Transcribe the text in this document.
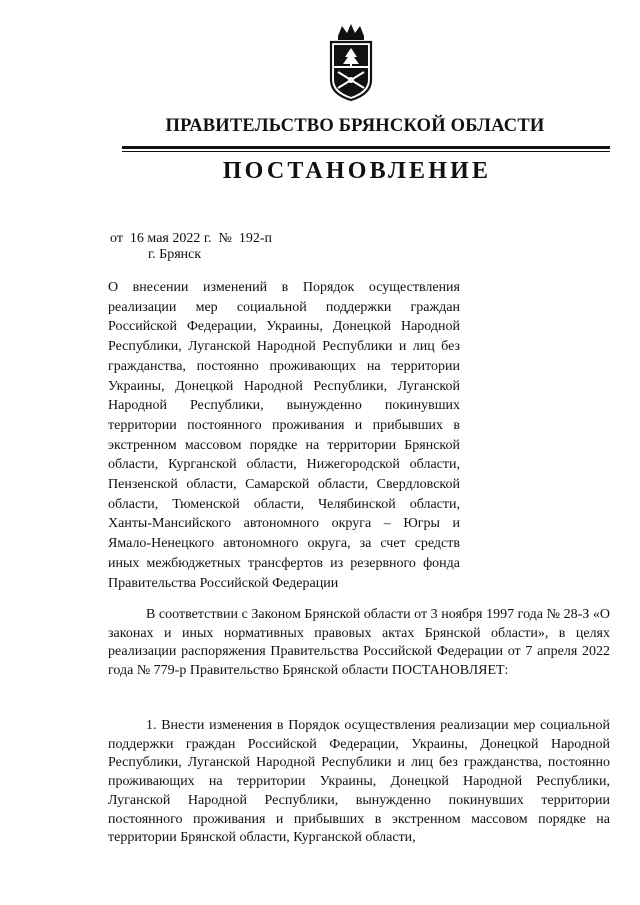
ПРАВИТЕЛЬСТВО БРЯНСКОЙ ОБЛАСТИ
ПОСТАНОВЛЕНИЕ
от  16 мая 2022 г.  №  192-п
г. Брянск
О внесении изменений в Порядок осуществления реализации мер социальной поддержки граждан Российской Федерации, Украины, Донецкой Народной Республики, Луганской Народной Республики и лиц без гражданства, постоянно проживающих на территории Украины, Донецкой Народной Республики, Луганской Народной Республики, вынужденно покинувших территории постоянного проживания и прибывших в экстренном массовом порядке на территории Брянской области, Курганской области, Нижегородской области, Пензенской области, Самарской области, Свердловской области, Тюменской области, Челябинской области, Ханты-Мансийского автономного округа – Югры и Ямало-Ненецкого автономного округа, за счет средств иных межбюджетных трансфертов из резервного фонда Правительства Российской Федерации

В соответствии с Законом Брянской области от 3 ноября 1997 года № 28-З «О законах и иных нормативных правовых актах Брянской области», в целях реализации распоряжения Правительства Российской Федерации от 7 апреля 2022 года № 779-р Правительство Брянской области ПОСТАНОВЛЯЕТ:

1. Внести изменения в Порядок осуществления реализации мер социальной поддержки граждан Российской Федерации, Украины, Донецкой Народной Республики, Луганской Народной Республики и лиц без гражданства, постоянно проживающих на территории Украины, Донецкой Народной Республики, Луганской Народной Республики, вынужденно покинувших территории постоянного проживания и прибывших в экстренном массовом порядке на территории Брянской области, Курганской области,
